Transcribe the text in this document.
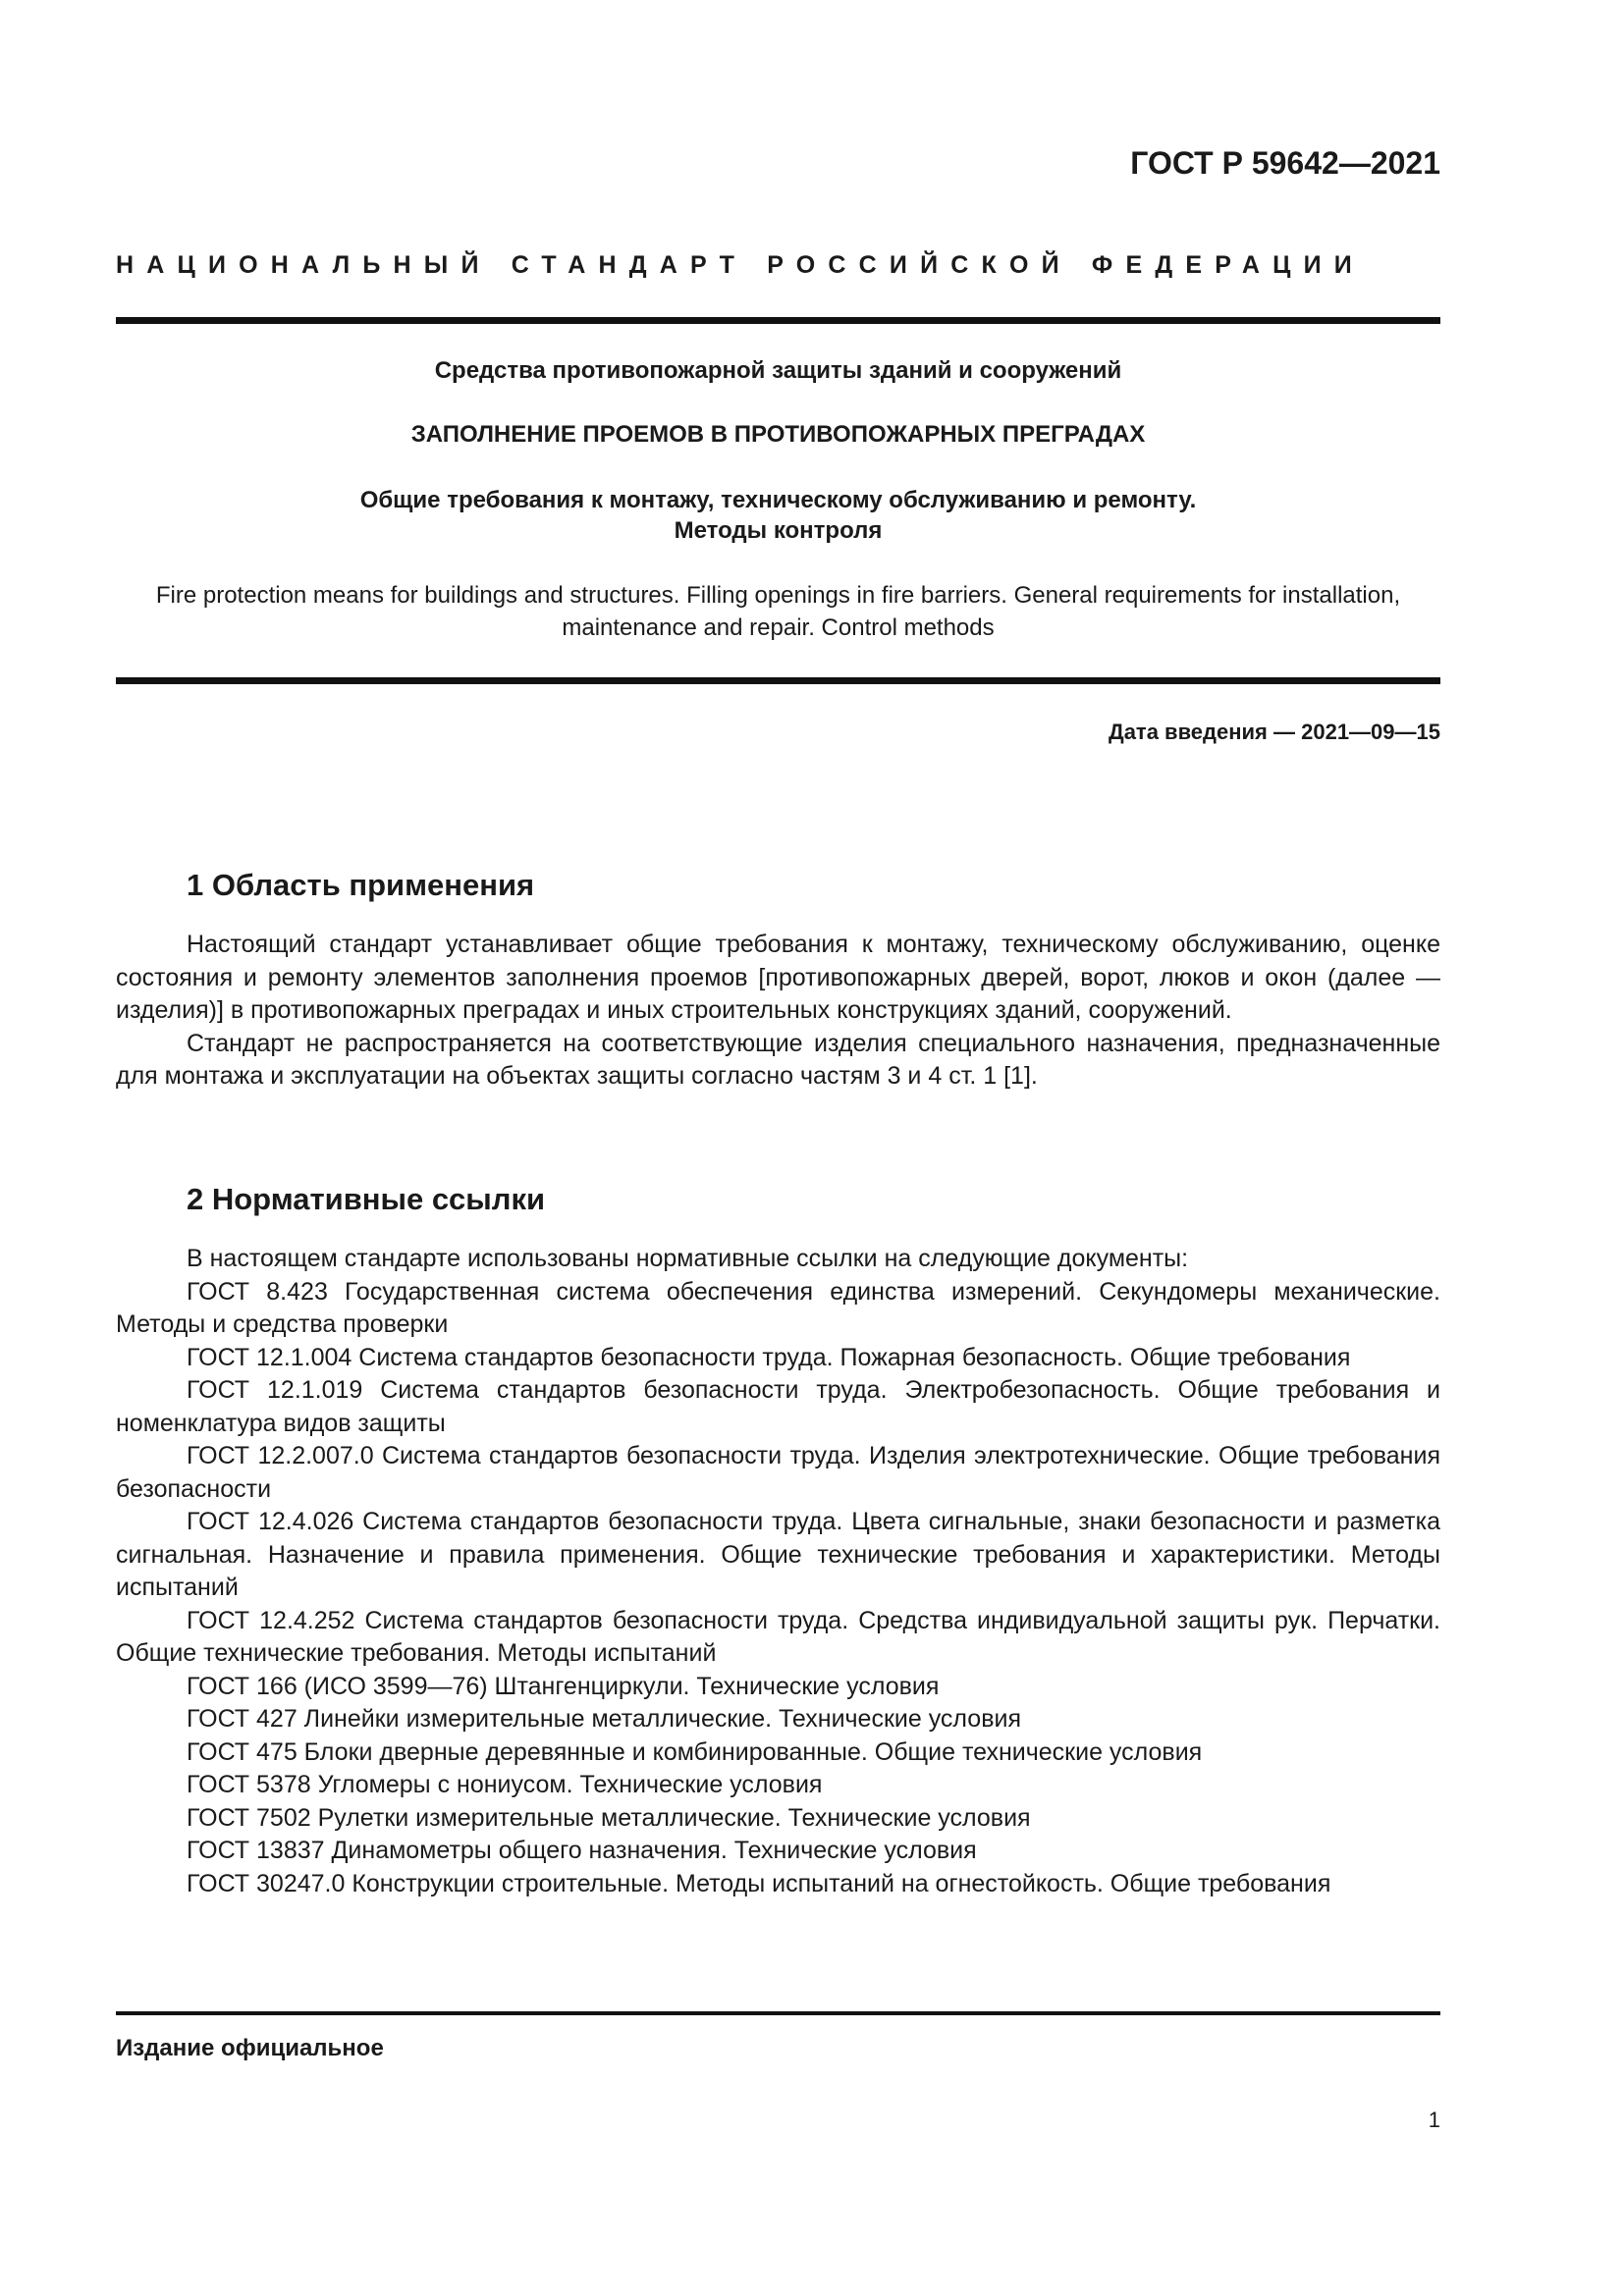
ГОСТ Р 59642—2021

НАЦИОНАЛЬНЫЙ СТАНДАРТ РОССИЙСКОЙ ФЕДЕРАЦИИ

Средства противопожарной защиты зданий и сооружений

ЗАПОЛНЕНИЕ ПРОЕМОВ В ПРОТИВОПОЖАРНЫХ ПРЕГРАДАХ

Общие требования к монтажу, техническому обслуживанию и ремонту.
Методы контроля

Fire protection means for buildings and structures. Filling openings in fire barriers. General requirements for installation,
maintenance and repair. Control methods

Дата введения — 2021—09—15

1 Область применения

Настоящий стандарт устанавливает общие требования к монтажу, техническому обслуживанию, оценке состояния и ремонту элементов заполнения проемов [противопожарных дверей, ворот, люков и окон (далее — изделия)] в противопожарных преградах и иных строительных конструкциях зданий, сооружений.

Стандарт не распространяется на соответствующие изделия специального назначения, предназначенные для монтажа и эксплуатации на объектах защиты согласно частям 3 и 4 ст. 1 [1].

2 Нормативные ссылки

В настоящем стандарте использованы нормативные ссылки на следующие документы:

ГОСТ 8.423 Государственная система обеспечения единства измерений. Секундомеры механические. Методы и средства проверки

ГОСТ 12.1.004 Система стандартов безопасности труда. Пожарная безопасность. Общие требования

ГОСТ 12.1.019 Система стандартов безопасности труда. Электробезопасность. Общие требования и номенклатура видов защиты

ГОСТ 12.2.007.0 Система стандартов безопасности труда. Изделия электротехнические. Общие требования безопасности

ГОСТ 12.4.026 Система стандартов безопасности труда. Цвета сигнальные, знаки безопасности и разметка сигнальная. Назначение и правила применения. Общие технические требования и характеристики. Методы испытаний

ГОСТ 12.4.252 Система стандартов безопасности труда. Средства индивидуальной защиты рук. Перчатки. Общие технические требования. Методы испытаний

ГОСТ 166 (ИСО 3599—76) Штангенциркули. Технические условия

ГОСТ 427 Линейки измерительные металлические. Технические условия

ГОСТ 475 Блоки дверные деревянные и комбинированные. Общие технические условия

ГОСТ 5378 Угломеры с нониусом. Технические условия

ГОСТ 7502 Рулетки измерительные металлические. Технические условия

ГОСТ 13837 Динамометры общего назначения. Технические условия

ГОСТ 30247.0 Конструкции строительные. Методы испытаний на огнестойкость. Общие требования

Издание официальное

1
